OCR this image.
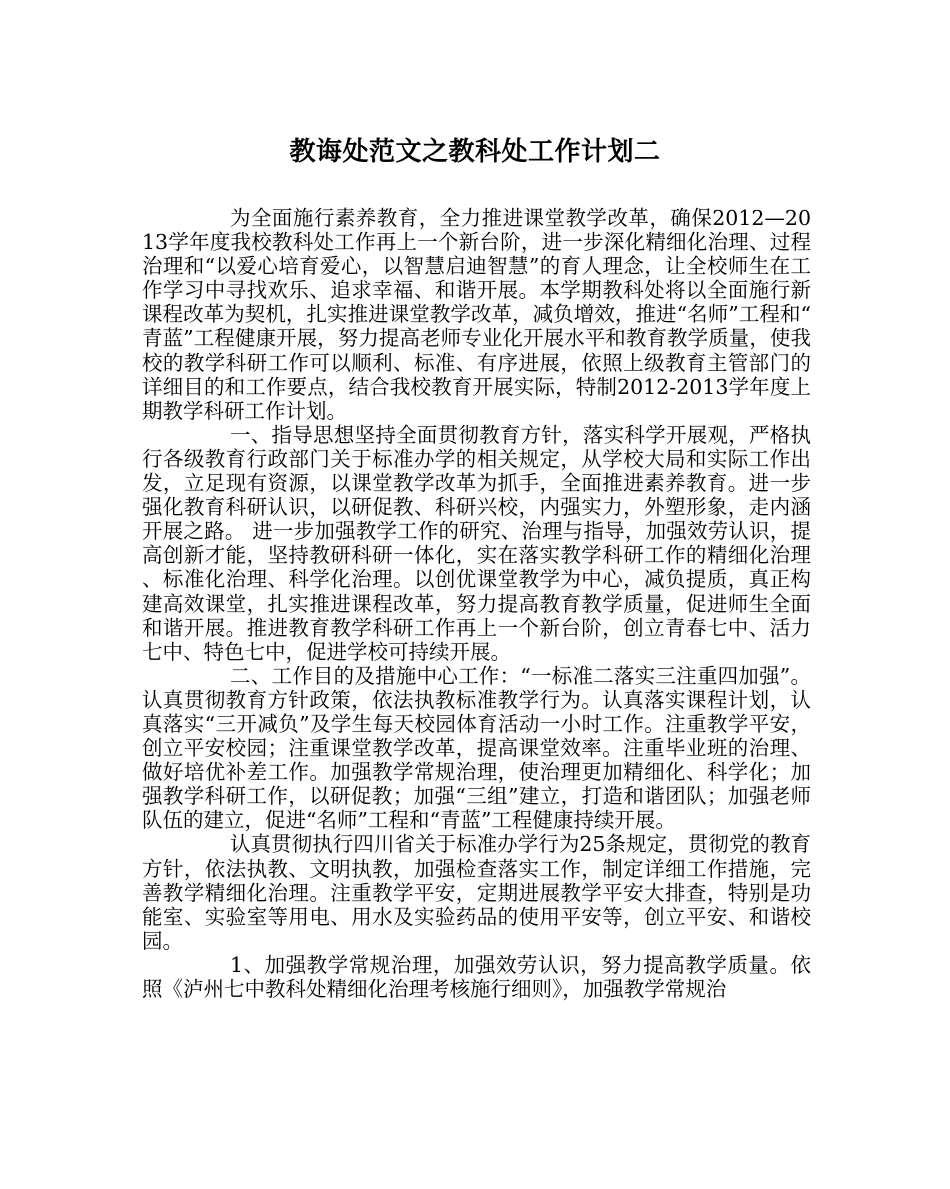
教诲处范文之教科处工作计划二

为全面施行素养教育，全力推进课堂教学改革，确保2012—2013学年度我校教科处工作再上一个新台阶，进一步深化精细化治理、过程治理和“以爱心培育爱心，以智慧启迪智慧”的育人理念，让全校师生在工作学习中寻找欢乐、追求幸福、和谐开展。本学期教科处将以全面施行新课程改革为契机，扎实推进课堂教学改革，减负增效，推进“名师”工程和“青蓝”工程健康开展，努力提高老师专业化开展水平和教育教学质量，使我校的教学科研工作可以顺利、标准、有序进展，依照上级教育主管部门的详细目的和工作要点，结合我校教育开展实际，特制2012-2013学年度上期教学科研工作计划。

一、指导思想坚持全面贯彻教育方针，落实科学开展观，严格执行各级教育行政部门关于标准办学的相关规定，从学校大局和实际工作出发，立足现有资源，以课堂教学改革为抓手，全面推进素养教育。进一步强化教育科研认识，以研促教、科研兴校，内强实力，外塑形象，走内涵开展之路。 进一步加强教学工作的研究、治理与指导，加强效劳认识，提高创新才能，坚持教研科研一体化，实在落实教学科研工作的精细化治理、标准化治理、科学化治理。以创优课堂教学为中心，减负提质，真正构建高效课堂，扎实推进课程改革，努力提高教育教学质量，促进师生全面和谐开展。推进教育教学科研工作再上一个新台阶，创立青春七中、活力七中、特色七中，促进学校可持续开展。

二、工作目的及措施中心工作：“一标准二落实三注重四加强”。认真贯彻教育方针政策，依法执教标准教学行为。认真落实课程计划，认真落实“三开减负”及学生每天校园体育活动一小时工作。注重教学平安，创立平安校园；注重课堂教学改革，提高课堂效率。注重毕业班的治理、做好培优补差工作。加强教学常规治理，使治理更加精细化、科学化；加强教学科研工作，以研促教；加强“三组”建立，打造和谐团队；加强老师队伍的建立，促进“名师”工程和“青蓝”工程健康持续开展。

认真贯彻执行四川省关于标准办学行为25条规定，贯彻党的教育方针，依法执教、文明执教，加强检查落实工作，制定详细工作措施，完善教学精细化治理。注重教学平安，定期进展教学平安大排查，特别是功能室、实验室等用电、用水及实验药品的使用平安等，创立平安、和谐校园。

1、加强教学常规治理，加强效劳认识，努力提高教学质量。依照《泸州七中教科处精细化治理考核施行细则》，加强教学常规治
